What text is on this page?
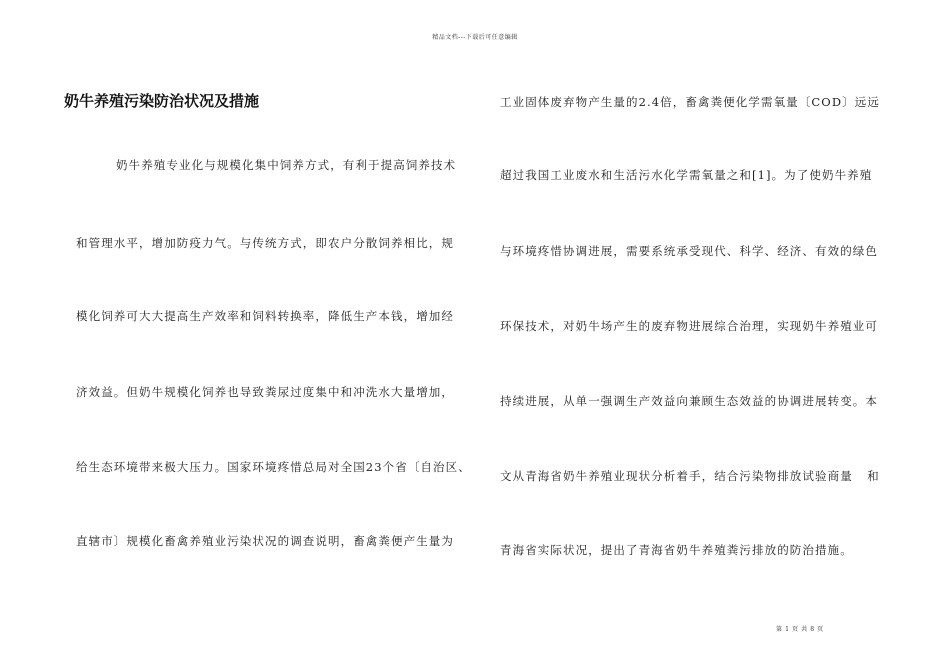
精品文档---下载后可任意编辑
奶牛养殖污染防治状况及措施
奶牛养殖专业化与规模化集中饲养方式，有利于提高饲养技术
和管理水平，增加防疫力气。与传统方式，即农户分散饲养相比，规
模化饲养可大大提高生产效率和饲料转换率，降低生产本钱，增加经
济效益。但奶牛规模化饲养也导致粪尿过度集中和冲洗水大量增加，
给生态环境带来极大压力。国家环境疼惜总局对全国23个省〔自治区、
直辖市〕规模化畜禽养殖业污染状况的调查说明，畜禽粪便产生量为
工业固体废弃物产生量的2.4倍，畜禽粪便化学需氧量〔COD〕远远
超过我国工业废水和生活污水化学需氧量之和[1]。为了使奶牛养殖
与环境疼惜协调进展，需要系统承受现代、科学、经济、有效的绿色
环保技术，对奶牛场产生的废弃物进展综合治理，实现奶牛养殖业可
持续进展，从单一强调生产效益向兼顾生态效益的协调进展转变。本
文从青海省奶牛养殖业现状分析着手，结合污染物排放试验商量   和
青海省实际状况，提出了青海省奶牛养殖粪污排放的防治措施。
第 1 页 共 8 页
